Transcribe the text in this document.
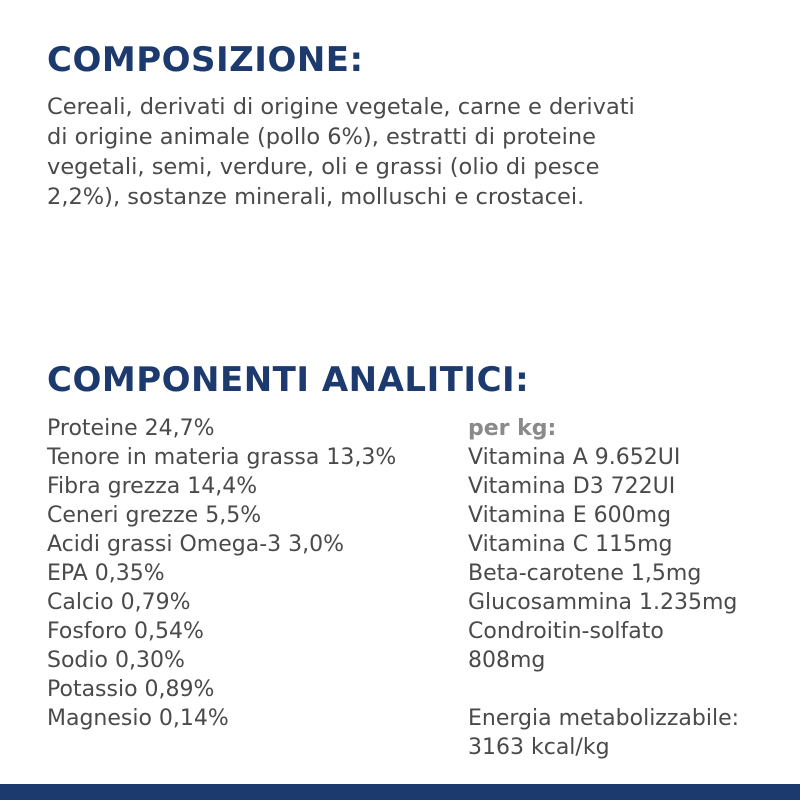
COMPOSIZIONE:

Cereali, derivati di origine vegetale, carne e derivati
di origine animale (pollo 6%), estratti di proteine
vegetali, semi, verdure, oli e grassi (olio di pesce
2,2%), sostanze minerali, molluschi e crostacei.

COMPONENTI ANALITICI:
Proteine 24,7%
Tenore in materia grassa 13,3%
Fibra grezza 14,4%
Ceneri grezze 5,5%
Acidi grassi Omega-3 3,0%
EPA 0,35%
Calcio 0,79%
Fosforo 0,54%
Sodio 0,30%
Potassio 0,89%
Magnesio 0,14%
per kg:
Vitamina A 9.652UI
Vitamina D3 722UI
Vitamina E 600mg
Vitamina C 115mg
Beta-carotene 1,5mg
Glucosammina 1.235mg
Condroitin-solfato
808mg
Energia metabolizzabile:
3163 kcal/kg
